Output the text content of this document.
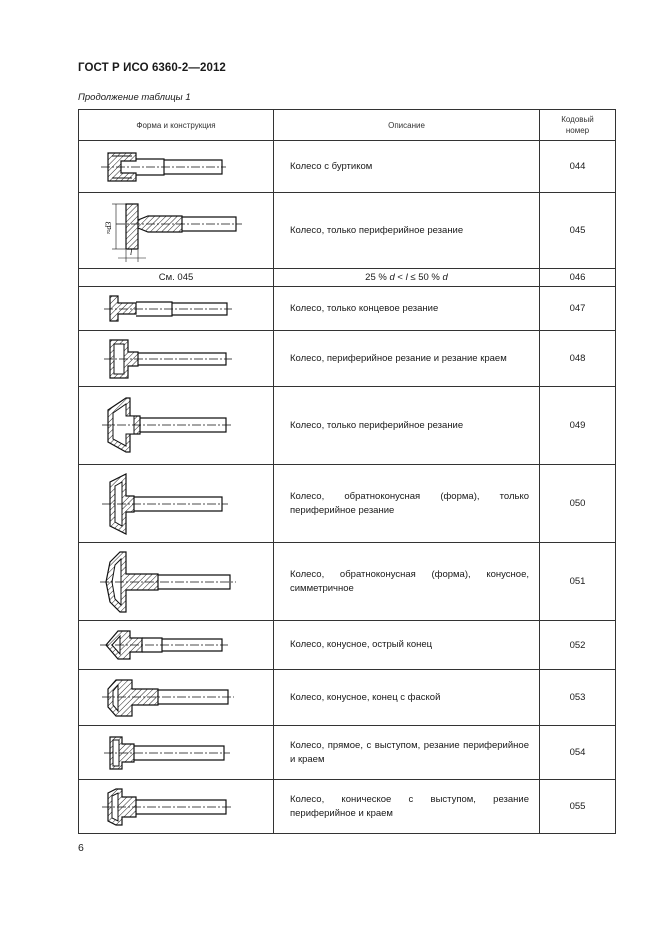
ГОСТ Р ИСО 6360-2—2012
Продолжение таблицы 1
Форма и конструкция	Описание	Кодовый номер

	Колесо с буртиком	044

l
≈d3	Колесо, только периферийное резание	045
См. 045	25 % d < l ≤ 50 % d	046

	Колесо, только концевое резание	047

	Колесо, периферийное резание и резание краем	048

	Колесо, только периферийное резание	049

	Колесо, обратноконусная (форма), только периферийное резание	050

	Колесо, обратноконусная (форма), конусное, симметричное	051

	Колесо, конусное, острый конец	052

	Колесо, конусное, конец с фаской	053

	Колесо, прямое, с выступом, резание периферийное и краем	054

	Колесо, коническое с выступом, резание периферийное и краем	055
6
